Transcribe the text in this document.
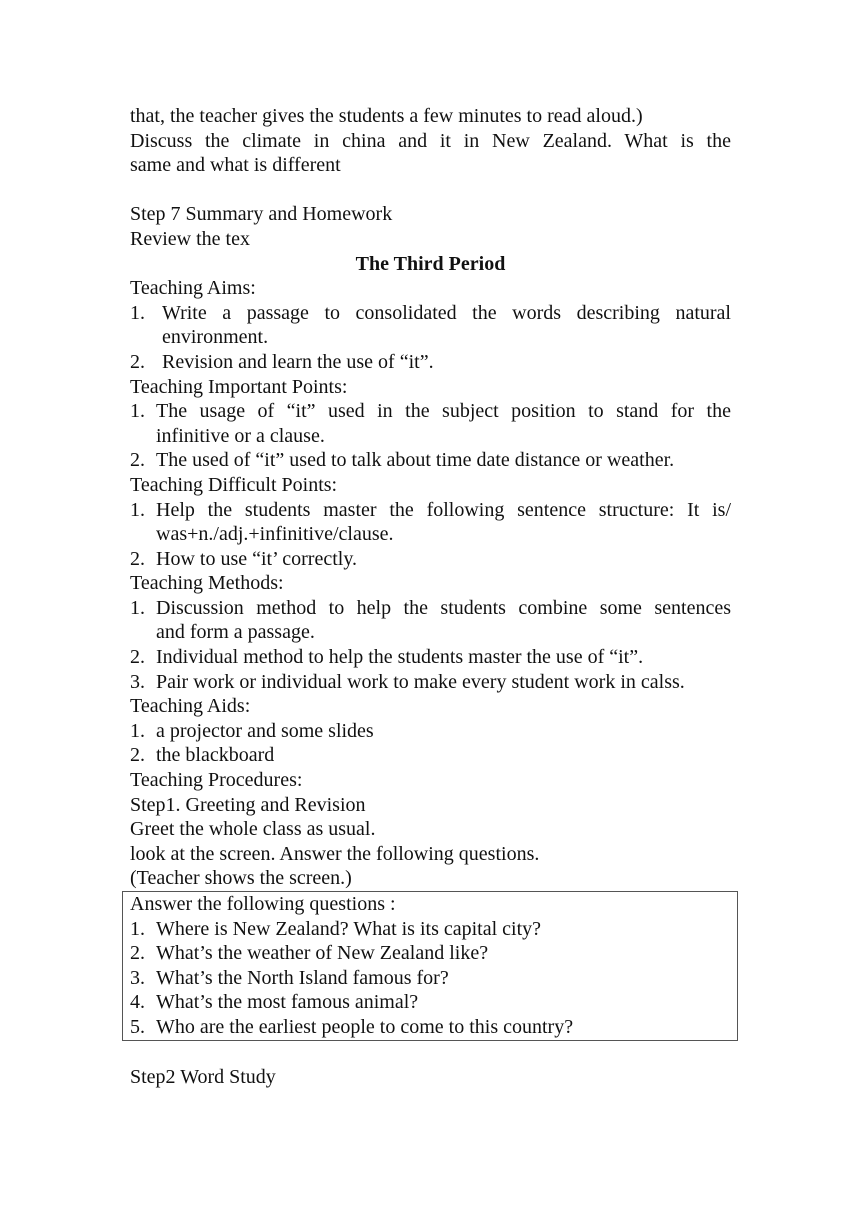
that, the teacher gives the students a few minutes to read aloud.)
Discuss the climate in china and it in New Zealand. What is the
same and what is different
Step 7 Summary and Homework
Review the tex
The Third Period
Teaching Aims:
1. Write a passage to consolidated the words describing natural
environment.
2. Revision and learn the use of “it”.
Teaching Important Points:
1. The usage of “it” used in the subject position to stand for the
infinitive or a clause.
2. The used of “it” used to talk about time date distance or weather.
Teaching Difficult Points:
1. Help the students master the following sentence structure: It is/
was+n./adj.+infinitive/clause.
2. How to use “it’ correctly.
Teaching Methods:
1. Discussion method to help the students combine some sentences
and form a passage.
2. Individual method to help the students master the use of “it”.
3. Pair work or individual work to make every student work in calss.
Teaching Aids:
1. a projector and some slides
2. the blackboard
Teaching Procedures:
Step1. Greeting and Revision
Greet the whole class as usual.
look at the screen. Answer the following questions.
(Teacher shows the screen.)
Answer the following questions :
1. Where is New Zealand? What is its capital city?
2. What’s the weather of New Zealand like?
3. What’s the North Island famous for?
4. What’s the most famous animal?
5. Who are the earliest people to come to this country?
Step2 Word Study
